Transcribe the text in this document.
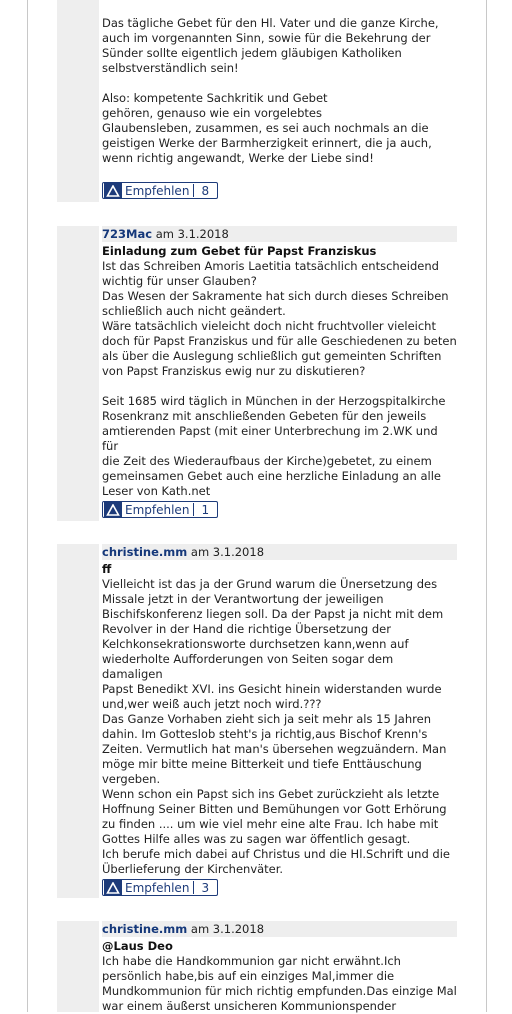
Das tägliche Gebet für den Hl. Vater und die ganze Kirche,

auch im vorgenannten Sinn, sowie für die Bekehrung der

Sünder sollte eigentlich jedem gläubigen Katholiken

selbstverständlich sein!

Also: kompetente Sachkritik und Gebet

gehören, genauso wie ein vorgelebtes

Glaubensleben, zusammen, es sei auch nochmals an die

geistigen Werke der Barmherzigkeit erinnert, die ja auch,

wenn richtig angewandt, Werke der Liebe sind!

Empfehlen	8
723Mac am 3.1.2018
Einladung zum Gebet für Papst Franziskus

Ist das Schreiben Amoris Laetitia tatsächlich entscheidend

wichtig für unser Glauben?

Das Wesen der Sakramente hat sich durch dieses Schreiben

schließlich auch nicht geändert.

Wäre tatsächlich vieleicht doch nicht fruchtvoller vieleicht

doch für Papst Franziskus und für alle Geschiedenen zu beten

als über die Auslegung schließlich gut gemeinten Schriften

von Papst Franziskus ewig nur zu diskutieren?

Seit 1685 wird täglich in München in der Herzogspitalkirche

Rosenkranz mit anschließenden Gebeten für den jeweils

amtierenden Papst (mit einer Unterbrechung im 2.WK und für

die Zeit des Wiederaufbaus der Kirche)gebetet, zu einem

gemeinsamen Gebet auch eine herzliche Einladung an alle

Leser von Kath.net

Empfehlen	1
christine.mm am 3.1.2018
ff

Vielleicht ist das ja der Grund warum die Ünersetzung des

Missale jetzt in der Verantwortung der jeweiligen

Bischifskonferenz liegen soll. Da der Papst ja nicht mit dem

Revolver in der Hand die richtige Übersetzung der

Kelchkonsekrationsworte durchsetzen kann,wenn auf

wiederholte Aufforderungen von Seiten sogar dem damaligen

Papst Benedikt XVI. ins Gesicht hinein widerstanden wurde

und,wer weiß auch jetzt noch wird.???

Das Ganze Vorhaben zieht sich ja seit mehr als 15 Jahren

dahin. Im Gotteslob steht's ja richtig,aus Bischof Krenn's

Zeiten. Vermutlich hat man's übersehen wegzuändern. Man

möge mir bitte meine Bitterkeit und tiefe Enttäuschung

vergeben.

Wenn schon ein Papst sich ins Gebet zurückzieht als letzte

Hoffnung Seiner Bitten und Bemühungen vor Gott Erhörung

zu finden .... um wie viel mehr eine alte Frau. Ich habe mit

Gottes Hilfe alles was zu sagen war öffentlich gesagt.

Ich berufe mich dabei auf Christus und die Hl.Schrift und die

Überlieferung der Kirchenväter.

Empfehlen	3
christine.mm am 3.1.2018
@Laus Deo

Ich habe die Handkommunion gar nicht erwähnt.Ich

persönlich habe,bis auf ein einziges Mal,immer die

Mundkommunion für mich richtig empfunden.Das einzige Mal

war einem äußerst unsicheren Kommunionspender
